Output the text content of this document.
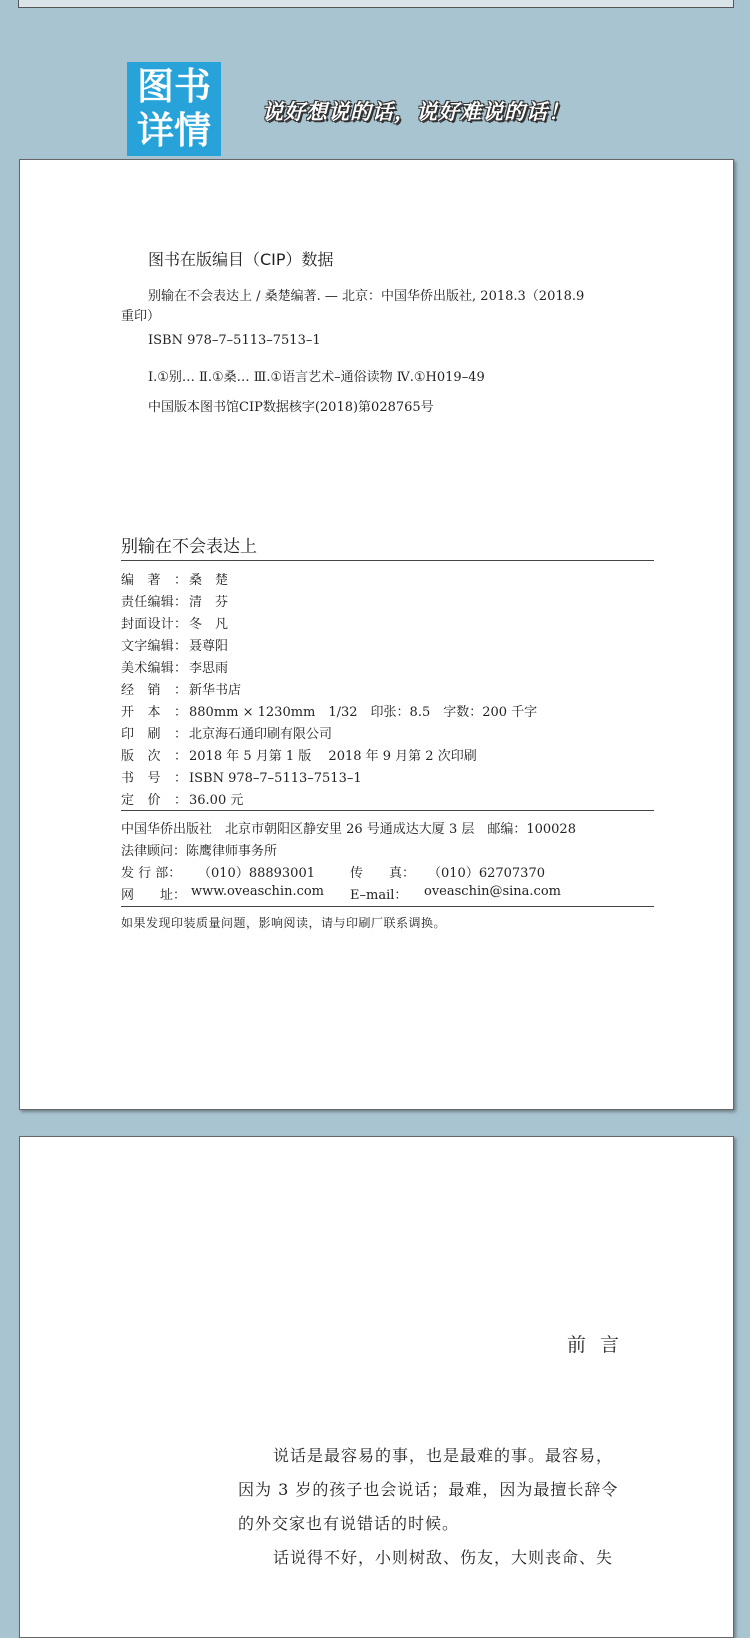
图书
详情	说好想说的话，说好难说的话！
图书在版编目（CIP）数据
别输在不会表达上 / 桑楚编著. — 北京：中国华侨出版社, 2018.3（2018.9
重印）
ISBN 978–7–5113–7513–1
Ⅰ.①别… Ⅱ.①桑… Ⅲ.①语言艺术–通俗读物 Ⅳ.①H019–49
中国版本图书馆CIP数据核字(2018)第028765号
别输在不会表达上
编著： 桑　楚
责任编辑： 清　芬
封面设计： 冬　凡
文字编辑： 聂尊阳
美术编辑： 李思雨
经销： 新华书店
开本： 880mm × 1230mm　1/32　印张：8.5　字数：200 千字
印刷： 北京海石通印刷有限公司
版次： 2018 年 5 月第 1 版　 2018 年 9 月第 2 次印刷
书号： ISBN 978–7–5113–7513–1
定价： 36.00 元
中国华侨出版社　北京市朝阳区静安里 26 号通成达大厦 3 层　邮编：100028
法律顾问：陈鹰律师事务所
发 行 部： （010）88893001	传　　真： （010）62707370
网　　址： www.oveaschin.com E–mail： oveaschin@sina.com
如果发现印装质量问题，影响阅读，请与印刷厂联系调换。
前言
说话是最容易的事，也是最难的事。最容易，
因为 3 岁的孩子也会说话；最难，因为最擅长辞令
的外交家也有说错话的时候。
话说得不好，小则树敌、伤友，大则丧命、失
